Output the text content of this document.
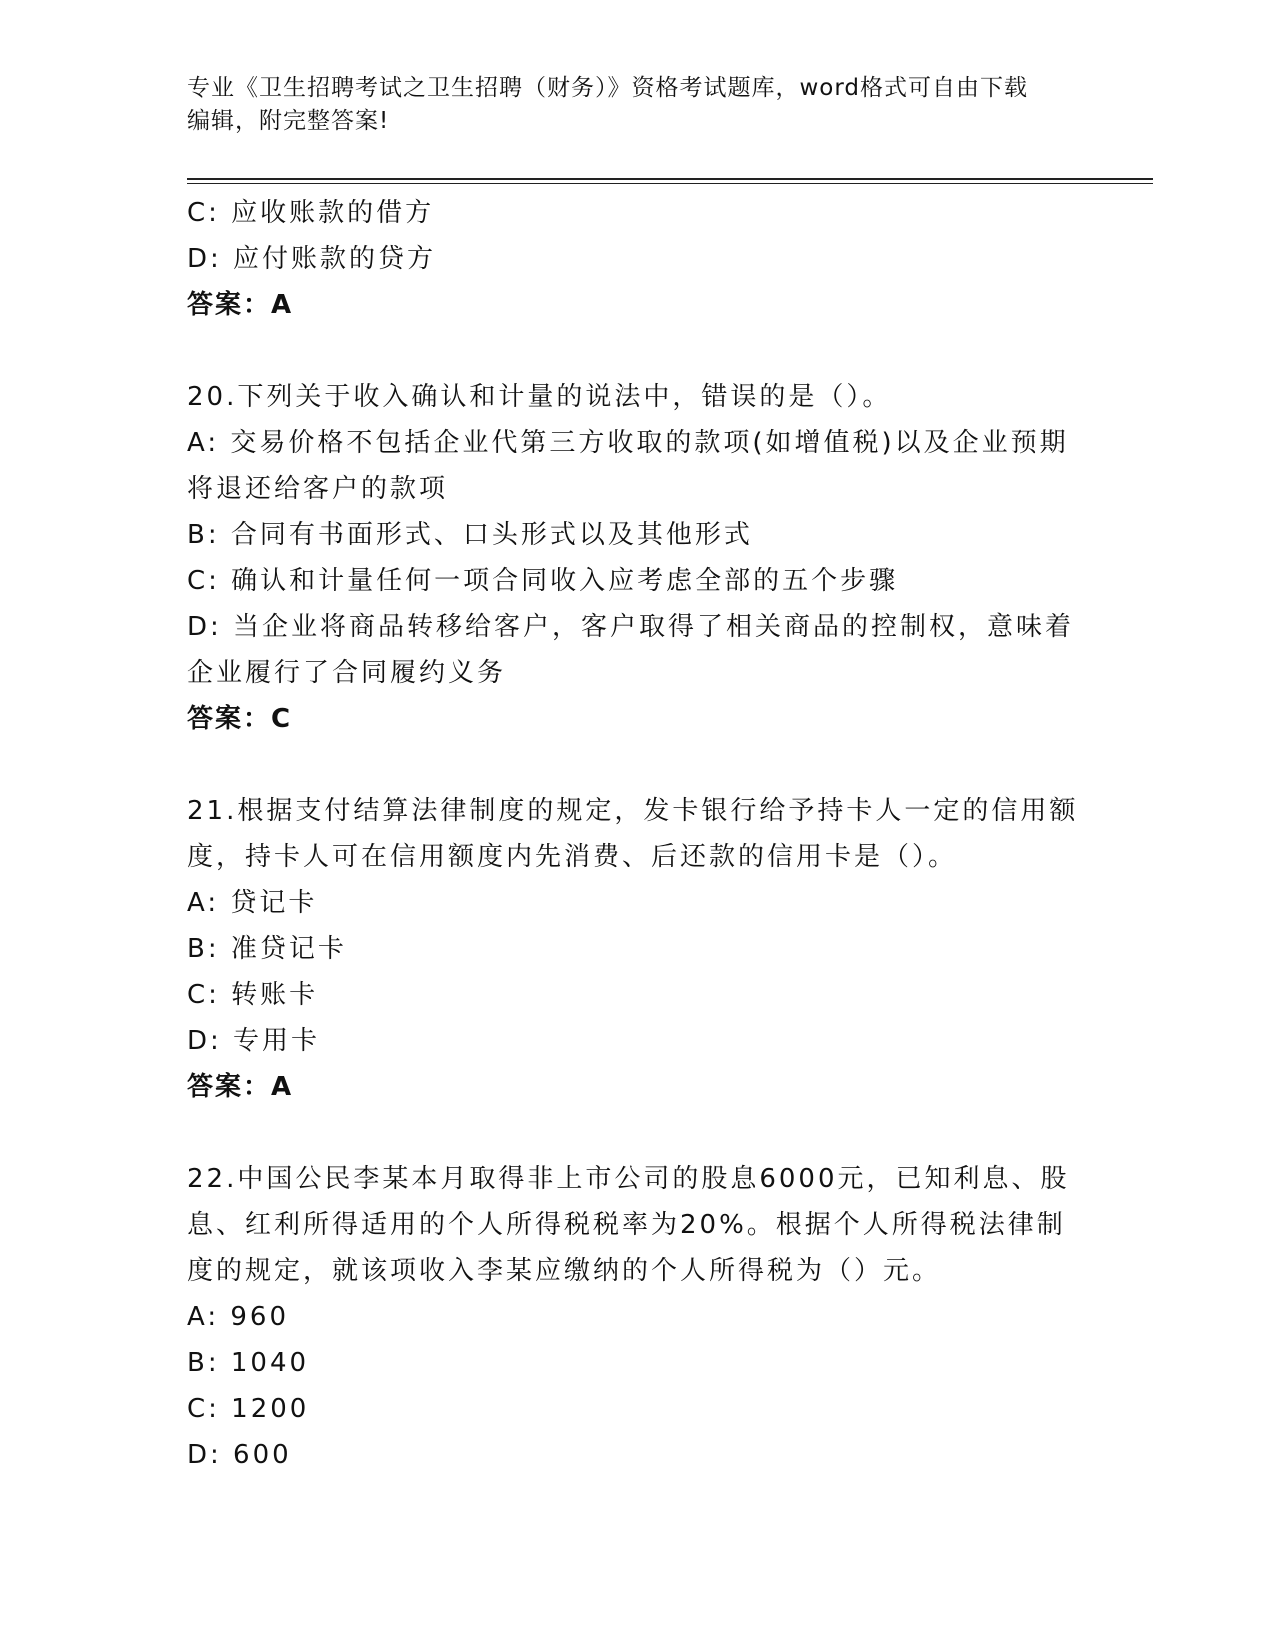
专业《卫生招聘考试之卫生招聘（财务）》资格考试题库，word格式可自由下载
编辑，附完整答案!
C: 应收账款的借方
D: 应付账款的贷方
答案：A
20.下列关于收入确认和计量的说法中，错误的是（）。
A: 交易价格不包括企业代第三方收取的款项(如增值税)以及企业预期
将退还给客户的款项
B: 合同有书面形式、口头形式以及其他形式
C: 确认和计量任何一项合同收入应考虑全部的五个步骤
D: 当企业将商品转移给客户，客户取得了相关商品的控制权，意味着
企业履行了合同履约义务
答案：C
21.根据支付结算法律制度的规定，发卡银行给予持卡人一定的信用额
度，持卡人可在信用额度内先消费、后还款的信用卡是（）。
A: 贷记卡
B: 准贷记卡
C: 转账卡
D: 专用卡
答案：A
22.中国公民李某本月取得非上市公司的股息6000元，已知利息、股
息、红利所得适用的个人所得税税率为20%。根据个人所得税法律制
度的规定，就该项收入李某应缴纳的个人所得税为（）元。
A: 960
B: 1040
C: 1200
D: 600
